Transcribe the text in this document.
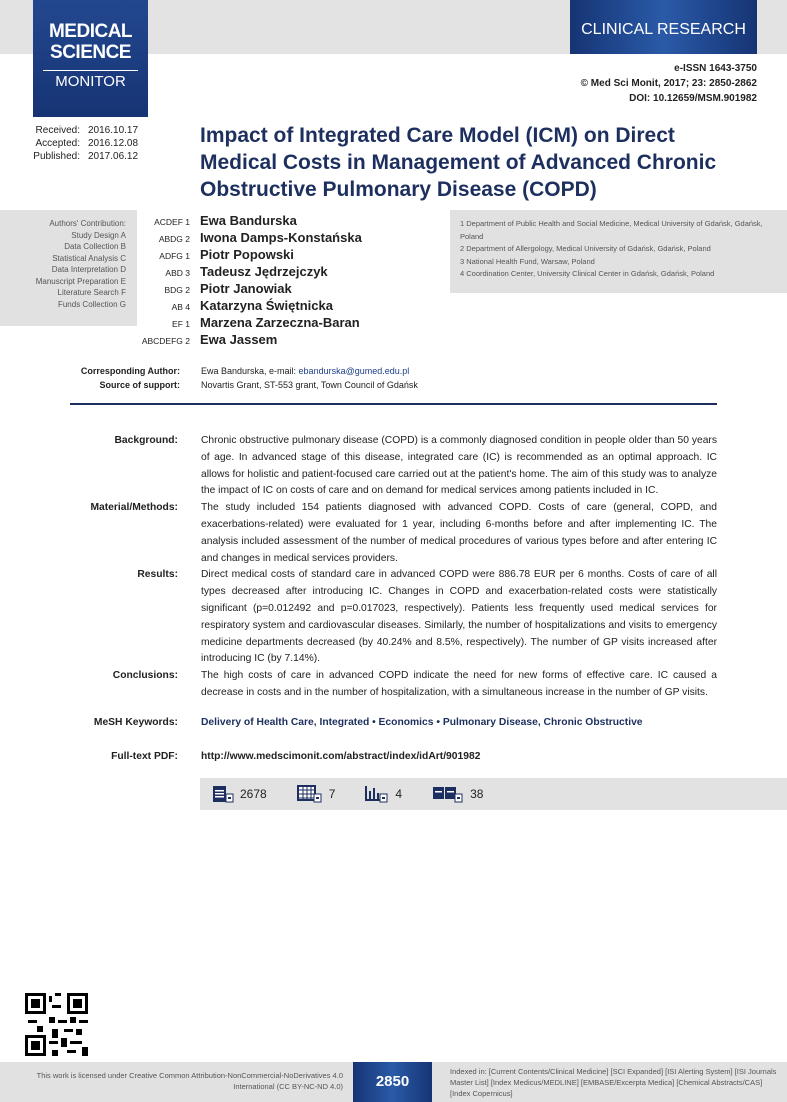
MEDICAL
SCIENCE
MONITOR
CLINICAL RESEARCH
e-ISSN 1643-3750
© Med Sci Monit, 2017; 23: 2850-2862
DOI: 10.12659/MSM.901982
Received: 2016.10.17
Accepted: 2016.12.08
Published: 2017.06.12
Impact of Integrated Care Model (ICM) on Direct Medical Costs in Management of Advanced Chronic Obstructive Pulmonary Disease (COPD)
Authors' Contribution:
Study Design A
Data Collection B
Statistical Analysis C
Data Interpretation D
Manuscript Preparation E
Literature Search F
Funds Collection G
1 Department of Public Health and Social Medicine, Medical University of Gdańsk, Gdańsk, Poland
2 Department of Allergology, Medical University of Gdańsk, Gdańsk, Poland
3 National Health Fund, Warsaw, Poland
4 Coordination Center, University Clinical Center in Gdańsk, Gdańsk, Poland
ACDEF 1 Ewa Bandurska
ABDG 2 Iwona Damps-Konstańska
ADFG 1 Piotr Popowski
ABD 3 Tadeusz Jędrzejczyk
BDG 2 Piotr Janowiak
AB 4 Katarzyna Świętnicka
EF 1 Marzena Zarzeczna-Baran
ABCDEFG 2 Ewa Jassem
Corresponding Author: Ewa Bandurska, e-mail: ebandurska@gumed.edu.pl
Source of support: Novartis Grant, ST-553 grant, Town Council of Gdańsk
Background: Chronic obstructive pulmonary disease (COPD) is a commonly diagnosed condition in people older than 50 years of age. In advanced stage of this disease, integrated care (IC) is recommended as an optimal approach. IC allows for holistic and patient-focused care carried out at the patient's home. The aim of this study was to analyze the impact of IC on costs of care and on demand for medical services among patients included in IC.
Material/Methods: The study included 154 patients diagnosed with advanced COPD. Costs of care (general, COPD, and exacerbations-related) were evaluated for 1 year, including 6-months before and after implementing IC. The analysis included assessment of the number of medical procedures of various types before and after entering IC and changes in medical services providers.
Results: Direct medical costs of standard care in advanced COPD were 886.78 EUR per 6 months. Costs of care of all types decreased after introducing IC. Changes in COPD and exacerbation-related costs were statistically significant (p=0.012492 and p=0.017023, respectively). Patients less frequently used medical services for respiratory system and cardiovascular diseases. Similarly, the number of hospitalizations and visits to emergency medicine departments decreased (by 40.24% and 8.5%, respectively). The number of GP visits increased after introducing IC (by 7.14%).
Conclusions: The high costs of care in advanced COPD indicate the need for new forms of effective care. IC caused a decrease in costs and in the number of hospitalization, with a simultaneous increase in the number of GP visits.
MeSH Keywords: Delivery of Health Care, Integrated • Economics • Pulmonary Disease, Chronic Obstructive
Full-text PDF: http://www.medscimonit.com/abstract/index/idArt/901982
2678	7	4	38
This work is licensed under Creative Common Attribution-NonCommercial-NoDerivatives 4.0 International (CC BY-NC-ND 4.0)	2850
Indexed in: [Current Contents/Clinical Medicine] [SCI Expanded] [ISI Alerting System] [ISI Journals Master List] [Index Medicus/MEDLINE] [EMBASE/Excerpta Medica] [Chemical Abstracts/CAS] [Index Copernicus]
